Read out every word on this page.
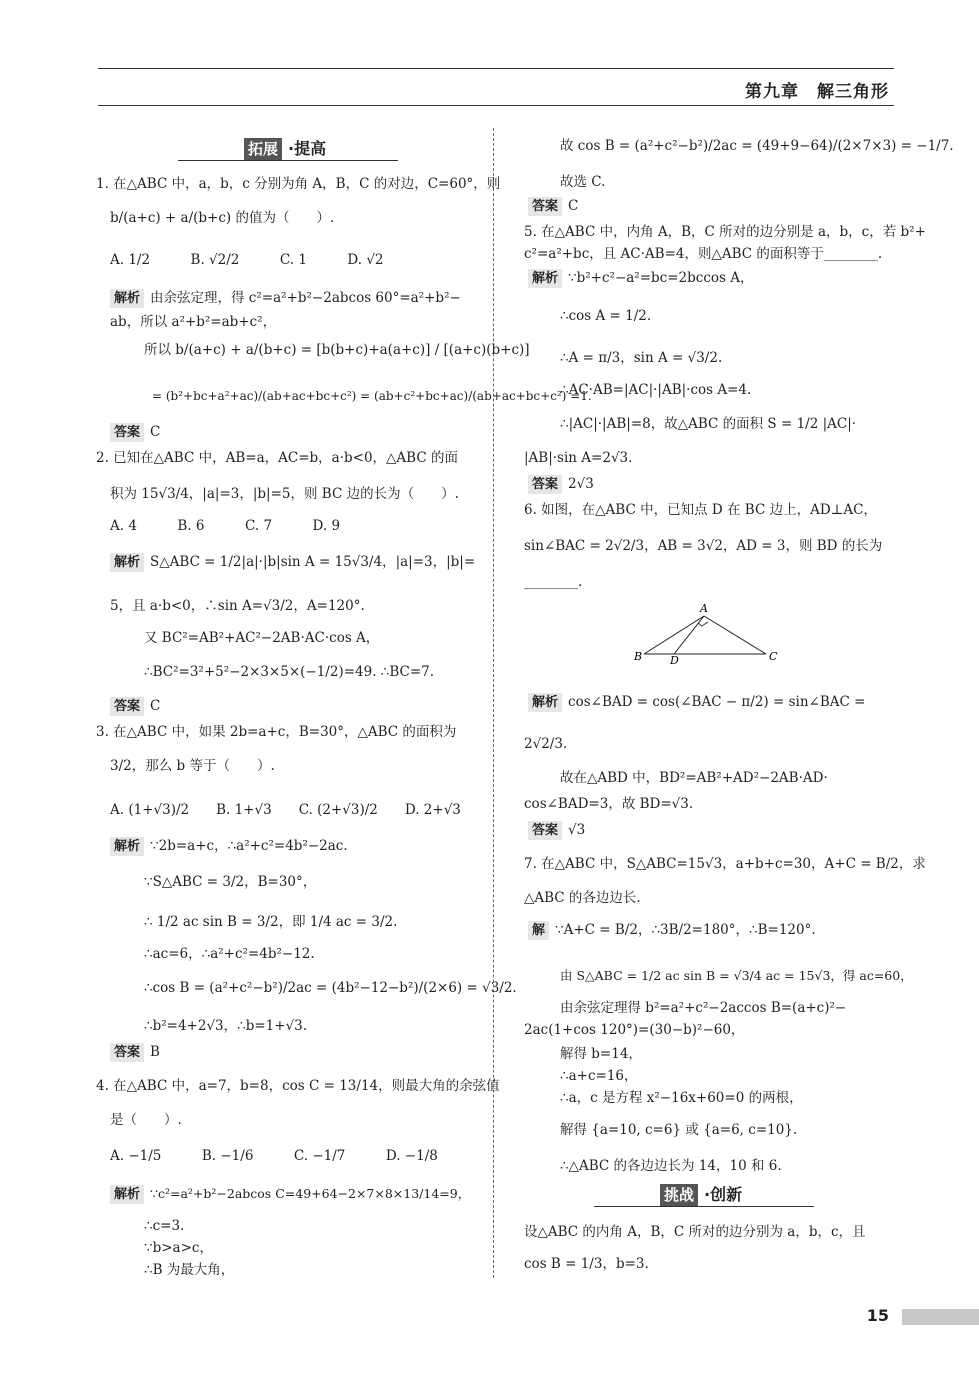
第九章　解三角形
拓展 ·提高
1. 在△ABC 中，a，b，c 分别为角 A，B，C 的对边，C=60°，则
b/(a+c) + a/(b+c) 的值为（　　）.
A. 1/2　　　B. √2/2　　　C. 1　　　D. √2
解析 由余弦定理，得 c²=a²+b²−2abcos 60°=a²+b²−
ab，所以 a²+b²=ab+c²，
所以 b/(a+c) + a/(b+c) = [b(b+c)+a(a+c)] / [(a+c)(b+c)]
= (b²+bc+a²+ac)/(ab+ac+bc+c²) = (ab+c²+bc+ac)/(ab+ac+bc+c²) =1.
答案 C
2. 已知在△ABC 中，AB=a，AC=b，a·b<0，△ABC 的面
积为 15√3/4，|a|=3，|b|=5，则 BC 边的长为（　　）.
A. 4　　　B. 6　　　C. 7　　　D. 9
解析 S△ABC = 1/2|a|·|b|sin A = 15√3/4，|a|=3，|b|=
5，且 a·b<0，∴sin A=√3/2，A=120°.
又 BC²=AB²+AC²−2AB·AC·cos A，
∴BC²=3²+5²−2×3×5×(−1/2)=49. ∴BC=7.
答案 C
3. 在△ABC 中，如果 2b=a+c，B=30°，△ABC 的面积为
3/2，那么 b 等于（　　）.
A. (1+√3)/2　　B. 1+√3　　C. (2+√3)/2　　D. 2+√3
解析 ∵2b=a+c，∴a²+c²=4b²−2ac.
∵S△ABC = 3/2，B=30°，
∴ 1/2 ac sin B = 3/2，即 1/4 ac = 3/2.
∴ac=6，∴a²+c²=4b²−12.
∴cos B = (a²+c²−b²)/2ac = (4b²−12−b²)/(2×6) = √3/2.
∴b²=4+2√3，∴b=1+√3.
答案 B
4. 在△ABC 中，a=7，b=8，cos C = 13/14，则最大角的余弦值
是（　　）.
A. −1/5　　　B. −1/6　　　C. −1/7　　　D. −1/8
解析 ∵c²=a²+b²−2abcos C=49+64−2×7×8×13/14=9，
∴c=3.
∵b>a>c，
∴B 为最大角，
故 cos B = (a²+c²−b²)/2ac = (49+9−64)/(2×7×3) = −1/7.
故选 C.
答案 C
5. 在△ABC 中，内角 A，B，C 所对的边分别是 a，b，c，若 b²+
c²=a²+bc，且 AC·AB=4，则△ABC 的面积等于________.
解析 ∵b²+c²−a²=bc=2bccos A，
∴cos A = 1/2.
∴A = π/3，sin A = √3/2.
∴AC·AB=|AC|·|AB|·cos A=4.
∴|AC|·|AB|=8，故△ABC 的面积 S = 1/2 |AC|·
|AB|·sin A=2√3.
答案 2√3
6. 如图，在△ABC 中，已知点 D 在 BC 边上，AD⊥AC，
sin∠BAC = 2√2/3，AB = 3√2，AD = 3，则 BD 的长为
________.
A
B	C
D
解析 cos∠BAD = cos(∠BAC − π/2) = sin∠BAC =
2√2/3.
故在△ABD 中，BD²=AB²+AD²−2AB·AD·
cos∠BAD=3，故 BD=√3.
答案 √3
7. 在△ABC 中，S△ABC=15√3，a+b+c=30，A+C = B/2，求
△ABC 的各边边长.
解 ∵A+C = B/2，∴3B/2=180°，∴B=120°.
由 S△ABC = 1/2 ac sin B = √3/4 ac = 15√3，得 ac=60，
由余弦定理得 b²=a²+c²−2accos B=(a+c)²−
2ac(1+cos 120°)=(30−b)²−60，
解得 b=14，
∴a+c=16，
∴a，c 是方程 x²−16x+60=0 的两根，
解得 {a=10, c=6} 或 {a=6, c=10}.
∴△ABC 的各边边长为 14，10 和 6.
挑战 ·创新
设△ABC 的内角 A，B，C 所对的边分别为 a，b，c，且
cos B = 1/3，b=3.
15
